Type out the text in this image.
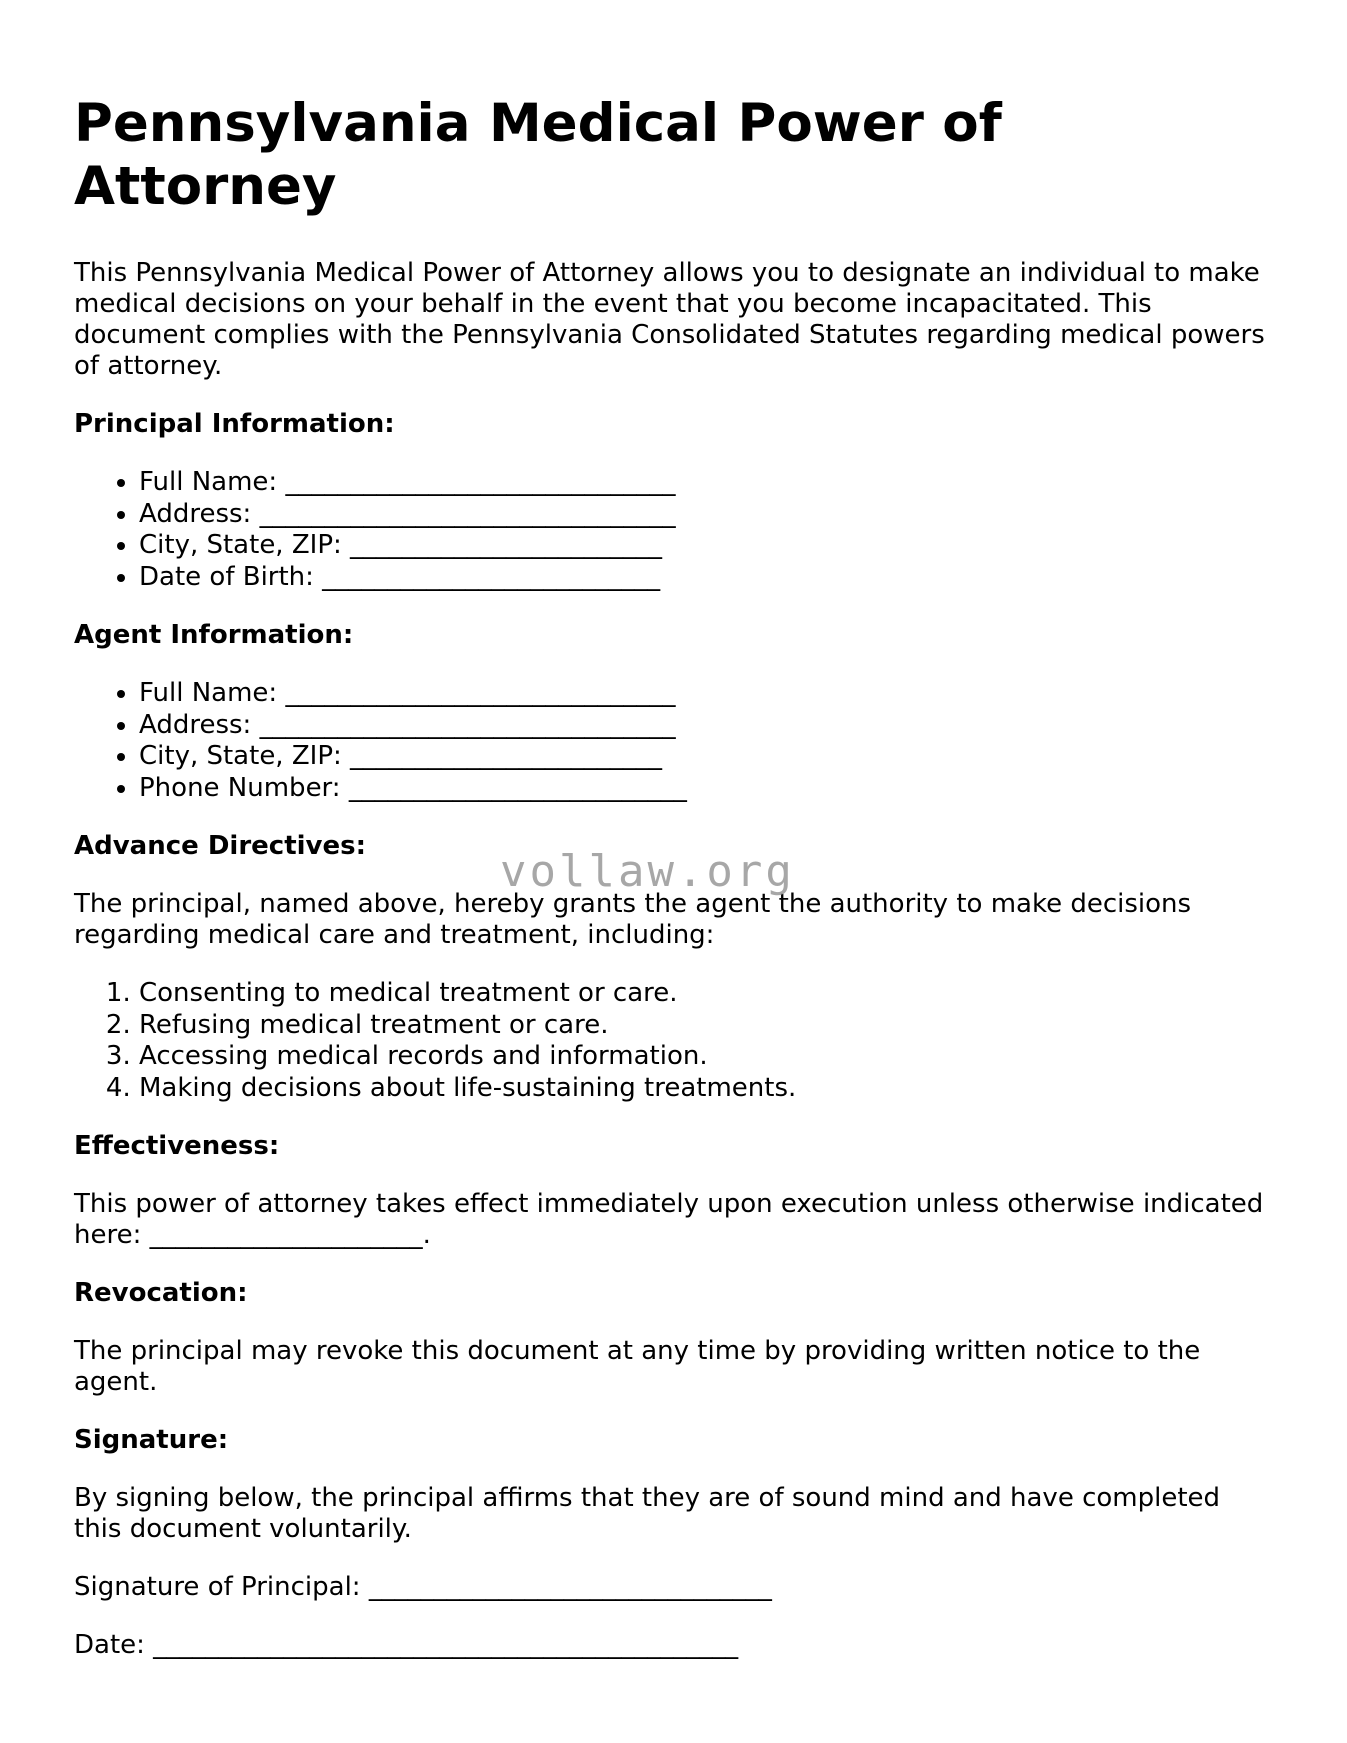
Pennsylvania Medical Power of Attorney

This Pennsylvania Medical Power of Attorney allows you to designate an individual to make medical decisions on your behalf in the event that you become incapacitated. This document complies with the Pennsylvania Consolidated Statutes regarding medical powers of attorney.

Principal Information:
• Full Name: ______________________________
• Address: ________________________________
• City, State, ZIP: ________________________
• Date of Birth: __________________________
Agent Information:
• Full Name: ______________________________
• Address: ________________________________
• City, State, ZIP: ________________________
• Phone Number: __________________________
Advance Directives:

The principal, named above, hereby grants the agent the authority to make decisions regarding medical care and treatment, including:

1. Consenting to medical treatment or care.
2. Refusing medical treatment or care.
3. Accessing medical records and information.
4. Making decisions about life-sustaining treatments.
Effectiveness:

This power of attorney takes effect immediately upon execution unless otherwise indicated here: _____________________.

Revocation:

The principal may revoke this document at any time by providing written notice to the agent.

Signature:

By signing below, the principal affirms that they are of sound mind and have completed this document voluntarily.

Signature of Principal: _______________________________

Date: _____________________________________________

vollaw.org
